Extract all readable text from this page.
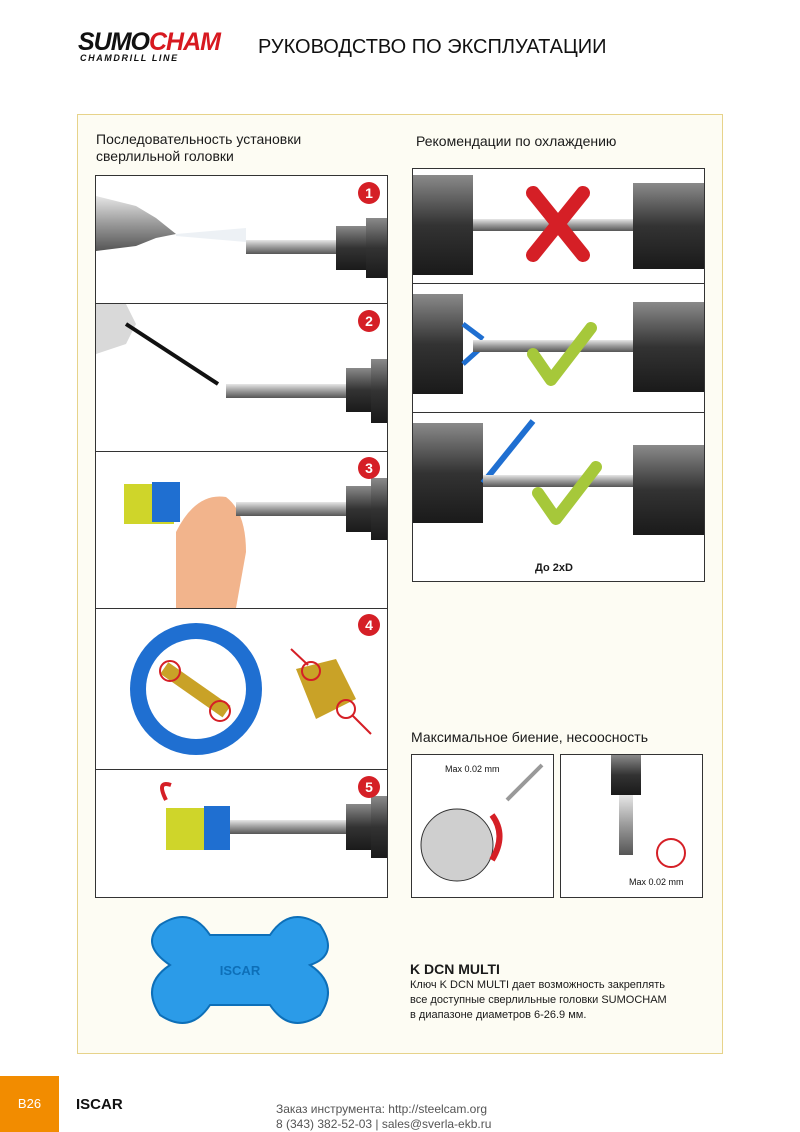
SUMOCHAM
CHAMDRILL LINE	РУКОВОДСТВО ПО ЭКСПЛУАТАЦИИ
Последовательность установки
сверлильной головки
1
2
3
4
5
Рекомендации по охлаждению
До 2xD
Максимальное биение, несоосность
Max 0.02 mm
Max 0.02 mm
ISCAR	K DCN MULTI
Ключ K DCN MULTI дает возможность закреплять
все доступные сверлильные головки SUMOCHAM
в диапазоне диаметров 6-26.9 мм.
B26	ISCAR	Заказ инструмента: http://steelcam.org
8 (343) 382-52-03 | sales@sverla-ekb.ru
